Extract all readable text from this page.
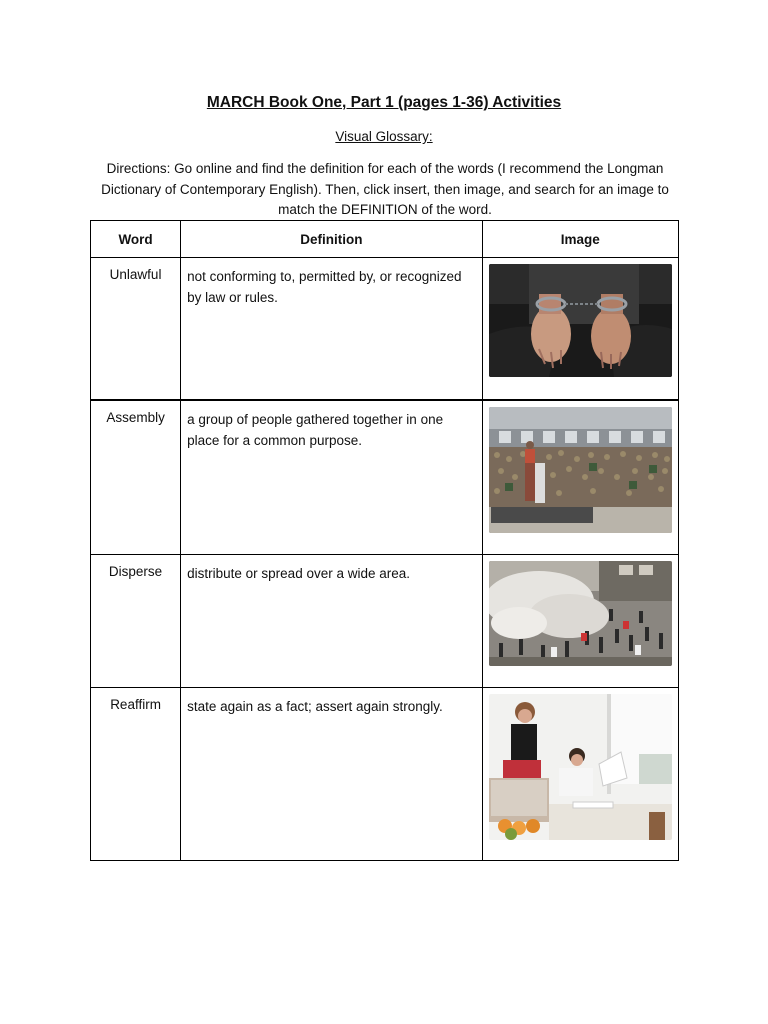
MARCH Book One, Part 1 (pages 1-36) Activities
Visual Glossary:
Directions: Go online and find the definition for each of the words (I recommend the Longman Dictionary of Contemporary English). Then, click insert, then image, and search for an image to match the DEFINITION of the word.
Word	Definition	Image
Unlawful	not conforming to, permitted by, or recognized by law or rules.	

Assembly	a group of people gathered together in one place for a common purpose.	

Disperse	distribute or spread over a wide area.	

Reaffirm	state again as a fact; assert again strongly.	
